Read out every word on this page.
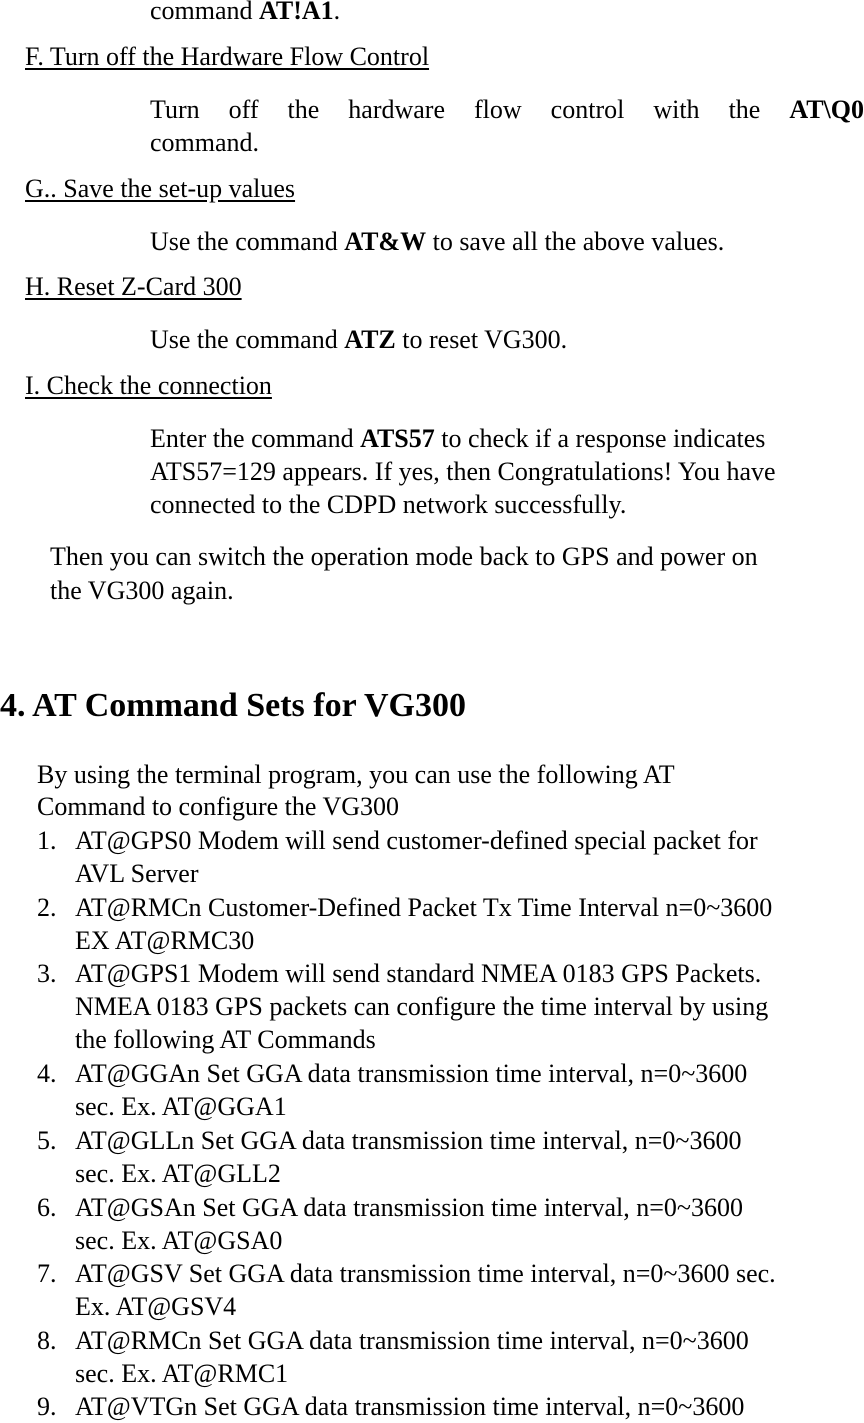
command AT!A1.
F. Turn off the Hardware Flow Control
Turn off the hardware flow control with the AT\Q0
command.
G.. Save the set-up values
Use the command AT&W to save all the above values.
H. Reset Z-Card 300
Use the command ATZ to reset VG300.
I. Check the connection
Enter the command ATS57 to check if a response indicates
ATS57=129 appears. If yes, then Congratulations! You have
connected to the CDPD network successfully.
Then you can switch the operation mode back to GPS and power on
the VG300 again.
4. AT Command Sets for VG300
By using the terminal program, you can use the following AT
Command to configure the VG300
1. AT@GPS0 Modem will send customer-defined special packet for
AVL Server
2. AT@RMCn Customer-Defined Packet Tx Time Interval n=0~3600
EX AT@RMC30
3. AT@GPS1 Modem will send standard NMEA 0183 GPS Packets.
NMEA 0183 GPS packets can configure the time interval by using
the following AT Commands
4. AT@GGAn Set GGA data transmission time interval, n=0~3600
sec. Ex. AT@GGA1
5. AT@GLLn Set GGA data transmission time interval, n=0~3600
sec. Ex. AT@GLL2
6. AT@GSAn Set GGA data transmission time interval, n=0~3600
sec. Ex. AT@GSA0
7. AT@GSV Set GGA data transmission time interval, n=0~3600 sec.
Ex. AT@GSV4
8. AT@RMCn Set GGA data transmission time interval, n=0~3600
sec. Ex. AT@RMC1
9. AT@VTGn Set GGA data transmission time interval, n=0~3600
